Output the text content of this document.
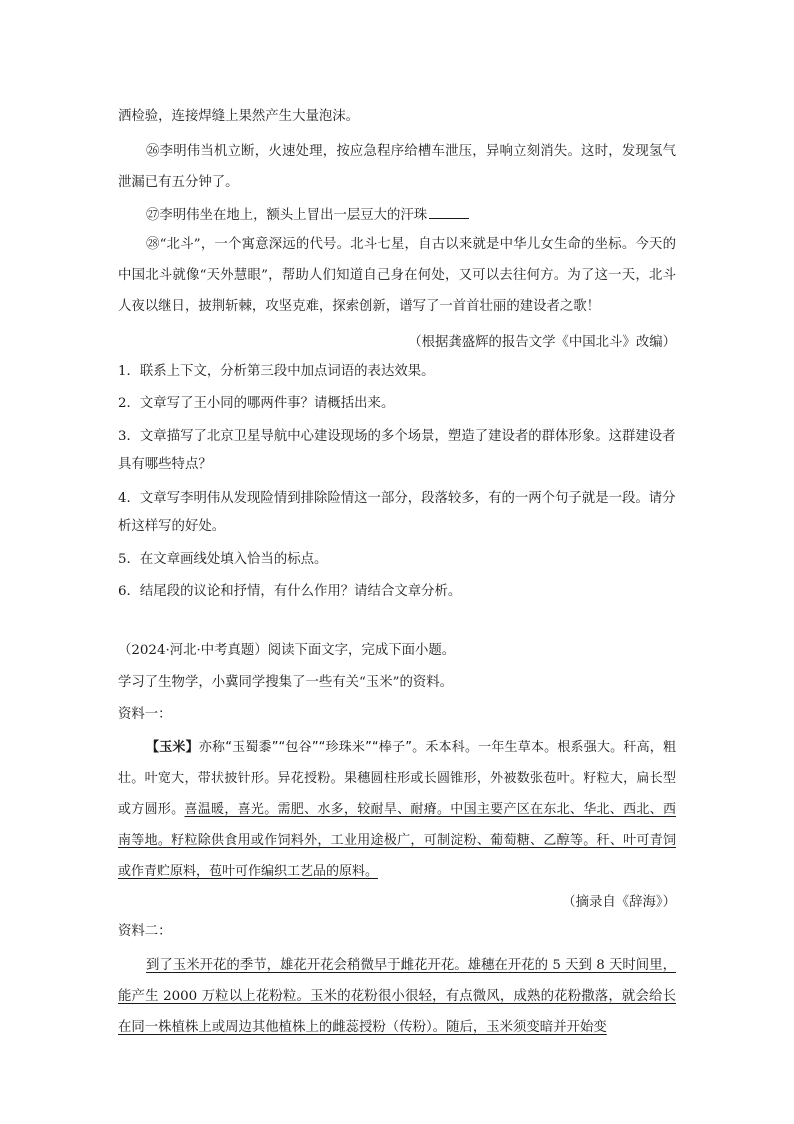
洒检验，连接焊缝上果然产生大量泡沫。
㉖李明伟当机立断，火速处理，按应急程序给槽车泄压，异响立刻消失。这时，发现氢气泄漏已有五分钟了。
㉗李明伟坐在地上，额头上冒出一层豆大的汗珠
㉘“北斗”，一个寓意深远的代号。北斗七星，自古以来就是中华儿女生命的坐标。今天的中国北斗就像“天外慧眼”，帮助人们知道自己身在何处，又可以去往何方。为了这一天，北斗人夜以继日，披荆斩棘，攻坚克难，探索创新，谱写了一首首壮丽的建设者之歌！
（根据龚盛辉的报告文学《中国北斗》改编）
1．联系上下文，分析第三段中加点词语的表达效果。
2．文章写了王小同的哪两件事？请概括出来。
3．文章描写了北京卫星导航中心建设现场的多个场景，塑造了建设者的群体形象。这群建设者具有哪些特点？
4．文章写李明伟从发现险情到排除险情这一部分，段落较多，有的一两个句子就是一段。请分析这样写的好处。
5．在文章画线处填入恰当的标点。
6．结尾段的议论和抒情，有什么作用？请结合文章分析。
（2024·河北·中考真题）阅读下面文字，完成下面小题。
学习了生物学，小冀同学搜集了一些有关“玉米”的资料。
资料一：
【玉米】亦称“玉蜀黍”“包谷”“珍珠米”“棒子”。禾本科。一年生草本。根系强大。秆高，粗壮。叶宽大，带状披针形。异花授粉。果穗圆柱形或长圆锥形，外被数张苞叶。籽粒大，扁长型或方圆形。喜温暖，喜光。需肥、水多，较耐旱、耐瘠。中国主要产区在东北、华北、西北、西南等地。籽粒除供食用或作饲料外，工业用途极广，可制淀粉、葡萄糖、乙醇等。秆、叶可青饲或作青贮原料，苞叶可作编织工艺品的原料。
（摘录自《辞海》）
资料二：
到了玉米开花的季节，雄花开花会稍微早于雌花开花。雄穗在开花的 5 天到 8 天时间里，能产生 2000 万粒以上花粉粒。玉米的花粉很小很轻，有点微风，成熟的花粉撒落，就会给长在同一株植株上或周边其他植株上的雌蕊授粉（传粉）。随后，玉米须变暗并开始变
